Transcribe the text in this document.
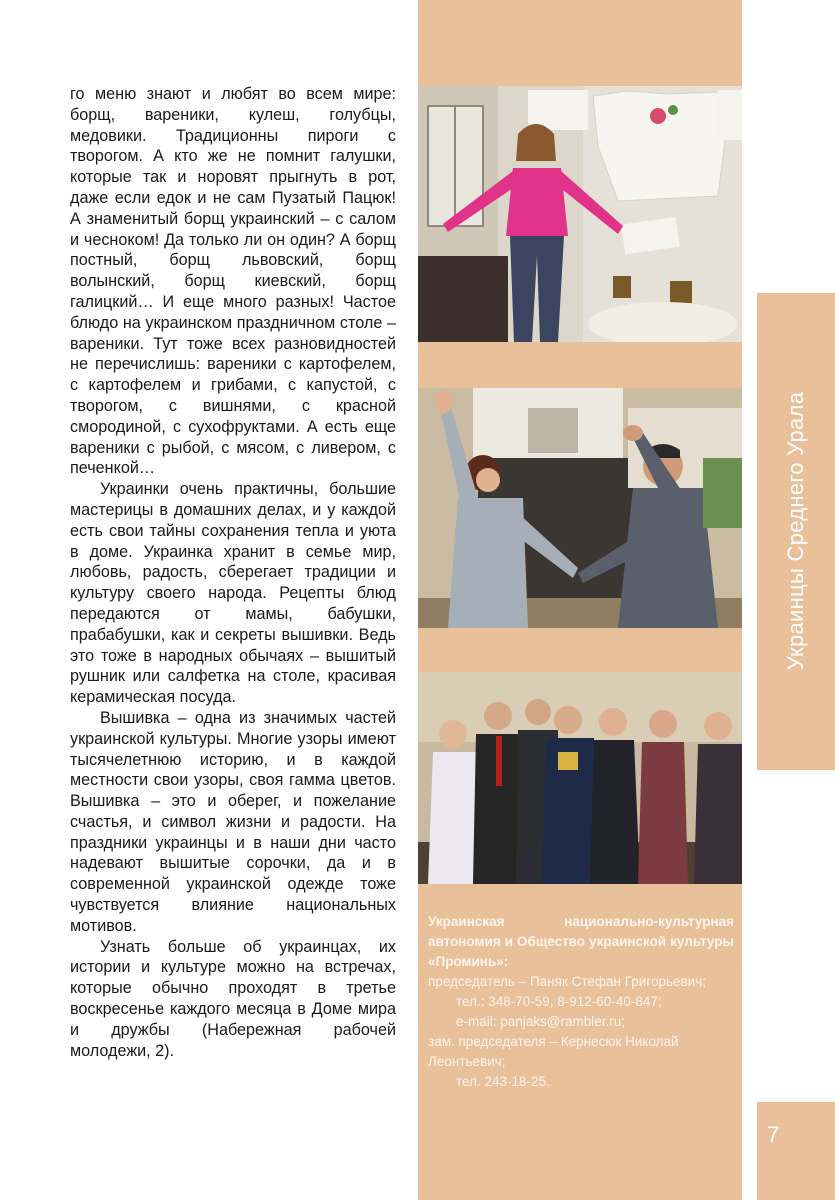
го меню знают и любят во всем мире: борщ, вареники, кулеш, голубцы, медовики. Традиционны пироги с творогом. А кто же не помнит галушки, которые так и норовят прыгнуть в рот, даже если едок и не сам Пузатый Пацюк! А знаменитый борщ украинский – с салом и чесноком! Да только ли он один? А борщ постный, борщ львовский, борщ волынский, борщ киевский, борщ галицкий… И еще много разных! Частое блюдо на украинском праздничном столе – вареники. Тут тоже всех разновидностей не перечислишь: вареники с картофелем, с картофелем и грибами, с капустой, с творогом, с вишнями, с красной смородиной, с сухофруктами. А есть еще вареники с рыбой, с мясом, с ливером, с печенкой…

Украинки очень практичны, большие мастерицы в домашних делах, и у каждой есть свои тайны сохранения тепла и уюта в доме. Украинка хранит в семье мир, любовь, радость, сберегает традиции и культуру своего народа. Рецепты блюд передаются от мамы, бабушки, прабабушки, как и секреты вышивки. Ведь это тоже в народных обычаях – вышитый рушник или салфетка на столе, красивая керамическая посуда.

Вышивка – одна из значимых частей украинской культуры. Многие узоры имеют тысячелетнюю историю, и в каждой местности свои узоры, своя гамма цветов. Вышивка – это и оберег, и пожелание счастья, и символ жизни и радости. На праздники украинцы и в наши дни часто надевают вышитые сорочки, да и в современной украинской одежде тоже чувствуется влияние национальных мотивов.

Узнать больше об украинцах, их истории и культуре можно на встречах, которые обычно проходят в третье воскресенье каждого месяца в Доме мира и дружбы (Набережная рабочей молодежи, 2).

Украинская национально-культурная автономия и Общество украинской культуры «Проминь»:
председатель – Паняк Стефан Григорьевич;
тел.: 348-70-59, 8-912-60-40-847;
e-mail: panjaks@rambler.ru;
зам. председателя – Кернесюк Николай Леонтьевич;
тел. 243-18-25.
Украинцы Среднего Урала
7
